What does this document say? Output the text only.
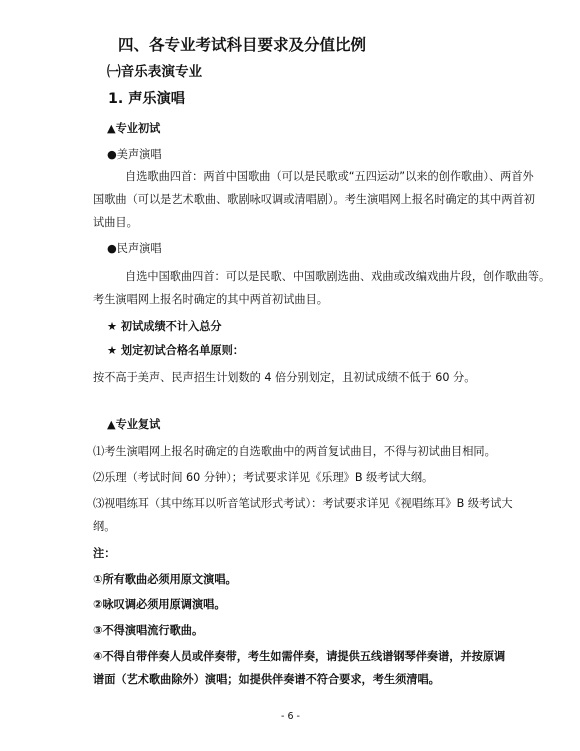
四、各专业考试科目要求及分值比例
㈠音乐表演专业
1. 声乐演唱
▲专业初试
●美声演唱
自选歌曲四首：两首中国歌曲（可以是民歌或“五四运动”以来的创作歌曲）、两首外
国歌曲（可以是艺术歌曲、歌剧咏叹调或清唱剧）。考生演唱网上报名时确定的其中两首初
试曲目。
●民声演唱
自选中国歌曲四首：可以是民歌、中国歌剧选曲、戏曲或改编戏曲片段，创作歌曲等。
考生演唱网上报名时确定的其中两首初试曲目。
★ 初试成绩不计入总分
★ 划定初试合格名单原则：
按不高于美声、民声招生计划数的 4 倍分别划定，且初试成绩不低于 60 分。
▲专业复试
⑴考生演唱网上报名时确定的自选歌曲中的两首复试曲目，不得与初试曲目相同。
⑵乐理（考试时间 60 分钟）；考试要求详见《乐理》B 级考试大纲。
⑶视唱练耳（其中练耳以听音笔试形式考试）：考试要求详见《视唱练耳》B 级考试大
纲。
注：
①所有歌曲必须用原文演唱。
②咏叹调必须用原调演唱。
③不得演唱流行歌曲。
④不得自带伴奏人员或伴奏带，考生如需伴奏，请提供五线谱钢琴伴奏谱，并按原调
谱面（艺术歌曲除外）演唱；如提供伴奏谱不符合要求，考生须清唱。
- 6 -
